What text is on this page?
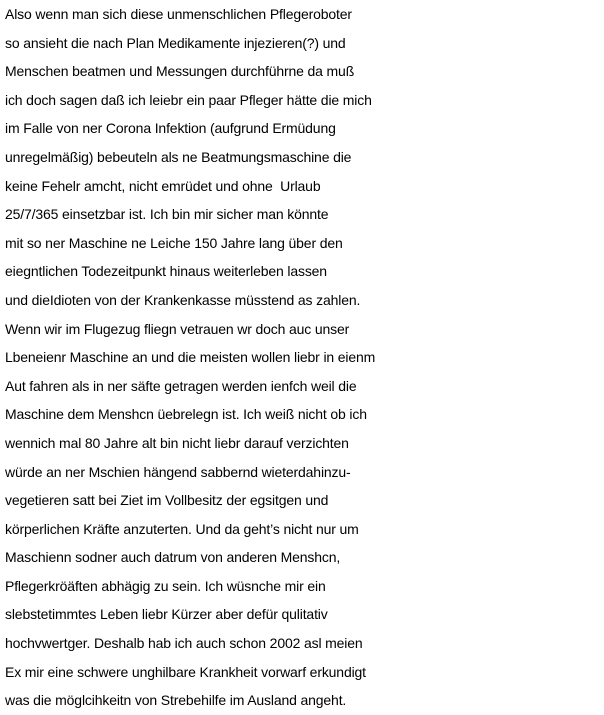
Also wenn man sich diese unmenschlichen Pflegeroboter
so ansieht die nach Plan Medikamente injezieren(?) und
Menschen beatmen und Messungen durchführne da muß
ich doch sagen daß ich leiebr ein paar Pfleger hätte die mich
im Falle von ner Corona Infektion (aufgrund Ermüdung
unregelmäßig) bebeuteln als ne Beatmungsmaschine die
keine Fehelr amcht, nicht emrüdet und ohne  Urlaub
25/7/365 einsetzbar ist. Ich bin mir sicher man könnte
mit so ner Maschine ne Leiche 150 Jahre lang über den
eiegntlichen Todezeitpunkt hinaus weiterleben lassen
und dieIdioten von der Krankenkasse müsstend as zahlen.
Wenn wir im Flugezug fliegn vetrauen wr doch auc unser
Lbeneienr Maschine an und die meisten wollen liebr in eienm
Aut fahren als in ner säfte getragen werden ienfch weil die
Maschine dem Menshcn üebrelegn ist. Ich weiß nicht ob ich
wennich mal 80 Jahre alt bin nicht liebr darauf verzichten
würde an ner Mschien hängend sabbernd wieterdahinzu-
vegetieren satt bei Ziet im Vollbesitz der egsitgen und
körperlichen Kräfte anzuterten. Und da geht’s nicht nur um
Maschienn sodner auch datrum von anderen Menshcn,
Pflegerkröäften abhägig zu sein. Ich wüsnche mir ein
slebstetimmtes Leben liebr Kürzer aber defür qulitativ
hochvwertger. Deshalb hab ich auch schon 2002 asl meien
Ex mir eine schwere unghilbare Krankheit vorwarf erkundigt
was die möglcihkeitn von Strebehilfe im Ausland angeht.
